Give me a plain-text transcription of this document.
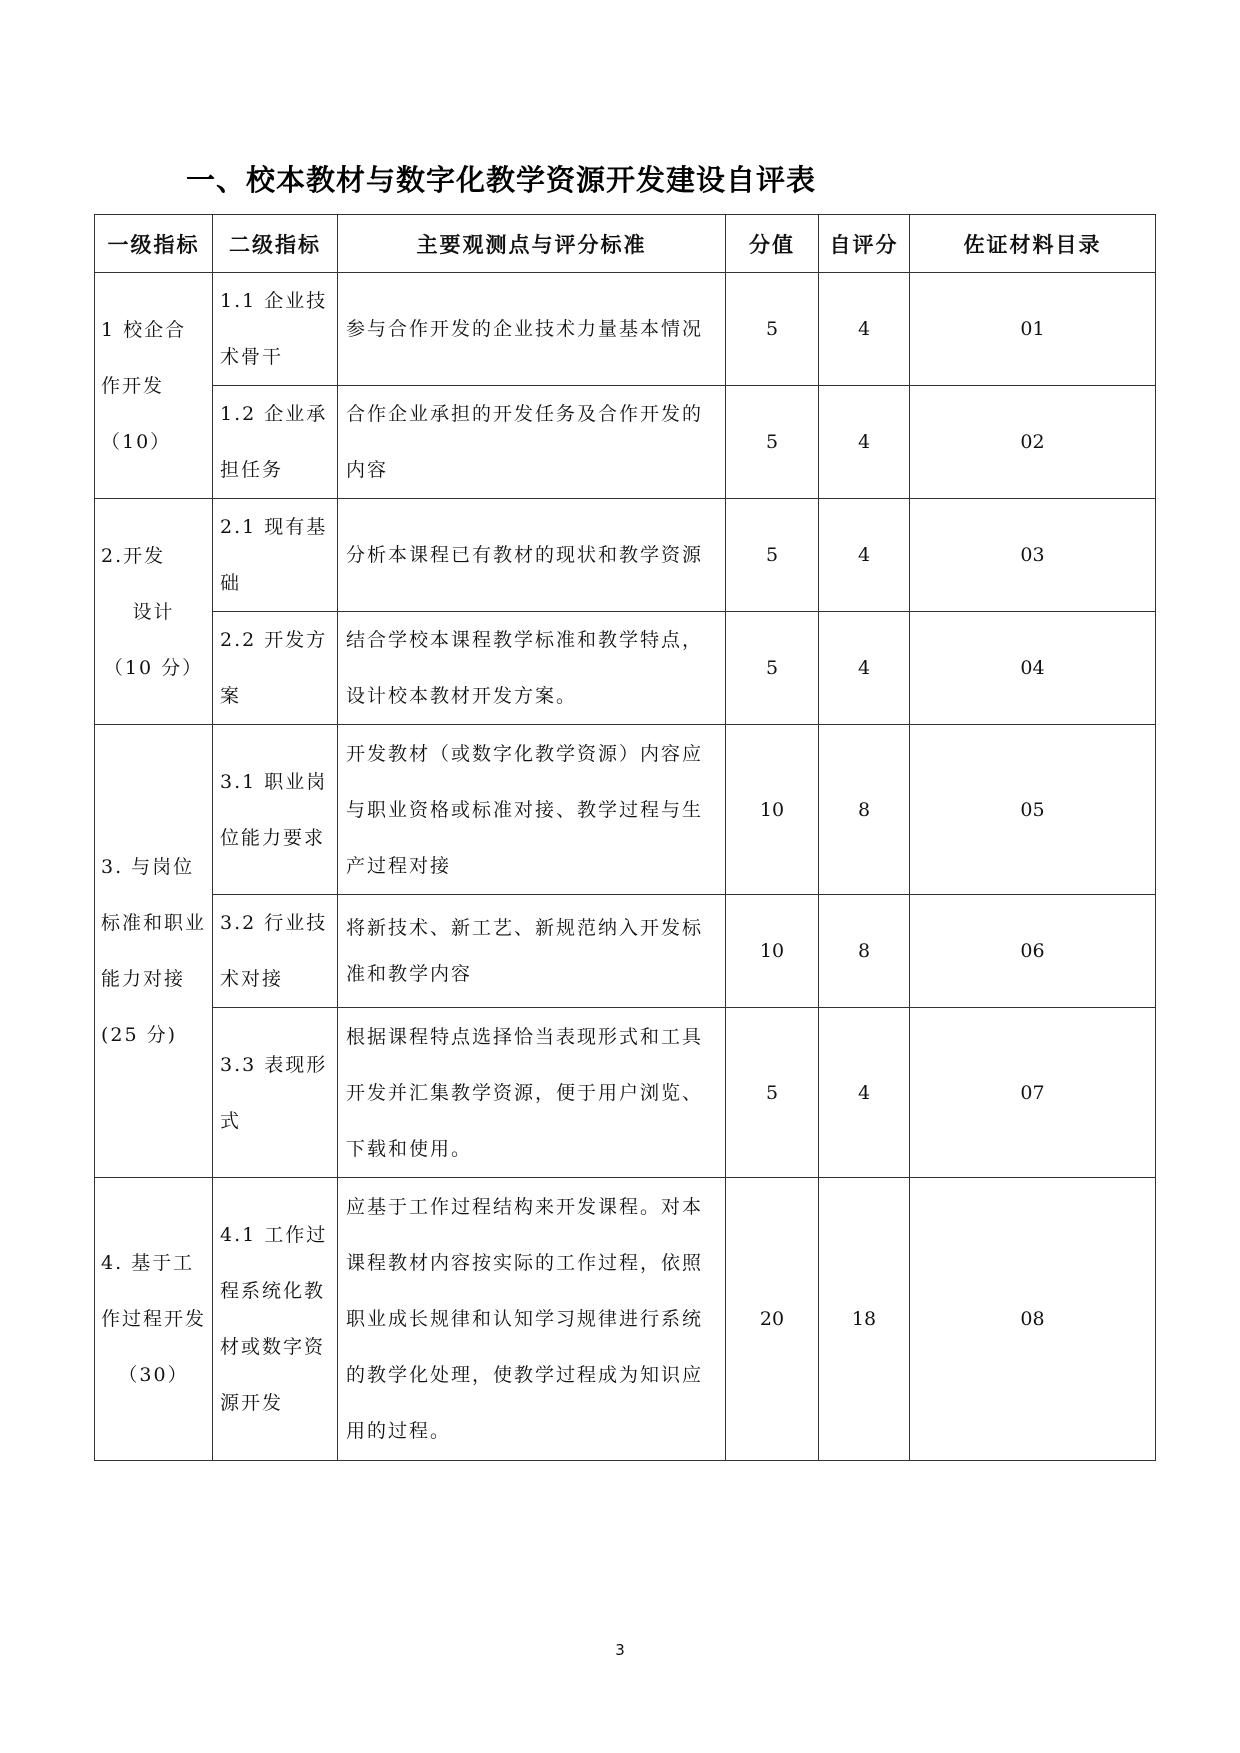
一、校本教材与数字化教学资源开发建设自评表
一级指标	二级指标	主要观测点与评分标准	分值	自评分	佐证材料目录

1 校企合作开发（10）	1.1 企业技术骨干	参与合作开发的企业技术力量基本情况	5	4	01

	1.2 企业承担任务	合作企业承担的开发任务及合作开发的内容	5	4	02

2.开发
设计
（10 分）	2.1 现有基础	分析本课程已有教材的现状和教学资源	5	4	03

	2.2 开发方案	结合学校本课程教学标准和教学特点，设计校本教材开发方案。	5	4	04

3. 与岗位标准和职业能力对接
(25 分)	3.1 职业岗位能力要求	开发教材（或数字化教学资源）内容应与职业资格或标准对接、教学过程与生产过程对接	10	8	05

	3.2 行业技术对接	将新技术、新工艺、新规范纳入开发标准和教学内容	10	8	06

	3.3 表现形式	根据课程特点选择恰当表现形式和工具开发并汇集教学资源，便于用户浏览、下载和使用。	5	4	07

4. 基于工作过程开发
（30）	4.1 工作过程系统化教材或数字资源开发	应基于工作过程结构来开发课程。对本课程教材内容按实际的工作过程，依照职业成长规律和认知学习规律进行系统的教学化处理，使教学过程成为知识应用的过程。	20	18	08
3
